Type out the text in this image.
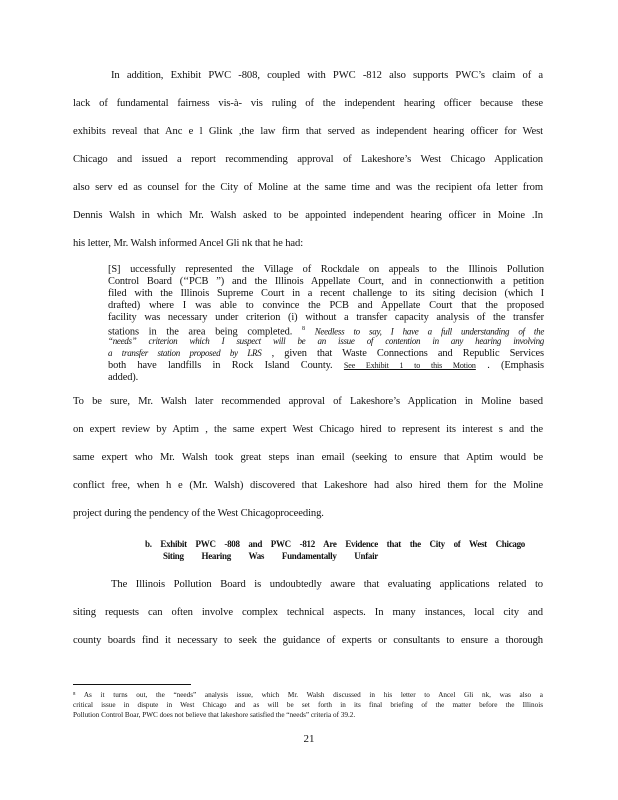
In addition, Exhibit PWC -808, coupled with PWC -812 also supports PWC’s claim of a
lack of fundamental fairness vis-à- vis ruling of the independent hearing officer because these
exhibits reveal that Anc e l Glink ,the law firm that served as independent hearing officer for West
Chicago and issued a report recommending approval of Lakeshore’s West Chicago Application
also serv ed as counsel for the City of Moline at the same time and was the recipient ofa letter from
Dennis Walsh in which Mr. Walsh asked to be appointed independent hearing officer in Moine .In
his letter, Mr. Walsh informed Ancel Gli nk that he had:
[S] uccessfully represented the Village of Rockdale on appeals to the Illinois Pollution
Control Board (‘‘PCB ”) and the Illinois Appellate Court, and in connectionwith a petition
filed with the Illinois Supreme Court in a recent challenge to its siting decision (which I
drafted) where I was able to convince the PCB and Appellate Court that the proposed
facility was necessary under criterion (i) without a transfer capacity analysis of the transfer
stations in the area being completed. $^8$ Needless to say, I have a full understanding of the
“needs” criterion which I suspect will be an issue of contention in any hearing involving
a transfer station proposed by LRS , given that Waste Connections and Republic Services
both have landfills in Rock Island County. See Exhibit 1 to this Motion . (Emphasis
added).
To be sure, Mr. Walsh later recommended approval of Lakeshore’s Application in Moline based
on expert review by Aptim , the same expert West Chicago hired to represent its interest s and the
same expert who Mr. Walsh took great steps inan email (seeking to ensure that Aptim would be
conflict free, when h e (Mr. Walsh) discovered that Lakeshore had also hired them for the Moline
project during the pendency of the West Chicagoproceeding.
b. Exhibit PWC -808 and PWC -812 Are Evidence that the City of West Chicago
Siting Hearing Was Fundamentally Unfair
The Illinois Pollution Board is undoubtedly aware that evaluating applications related to
siting requests can often involve complex technical aspects. In many instances, local city and
county boards find it necessary to seek the guidance of experts or consultants to ensure a thorough
⁸ As it turns out, the “needs” analysis issue, which Mr. Walsh discussed in his letter to Ancel Gli nk, was also a
critical issue in dispute in West Chicago and as will be set forth in its final briefing of the matter before the Illinois
Pollution Control Boar, PWC does not believe that lakeshore satisfied the “needs” criteria of 39.2.
21
